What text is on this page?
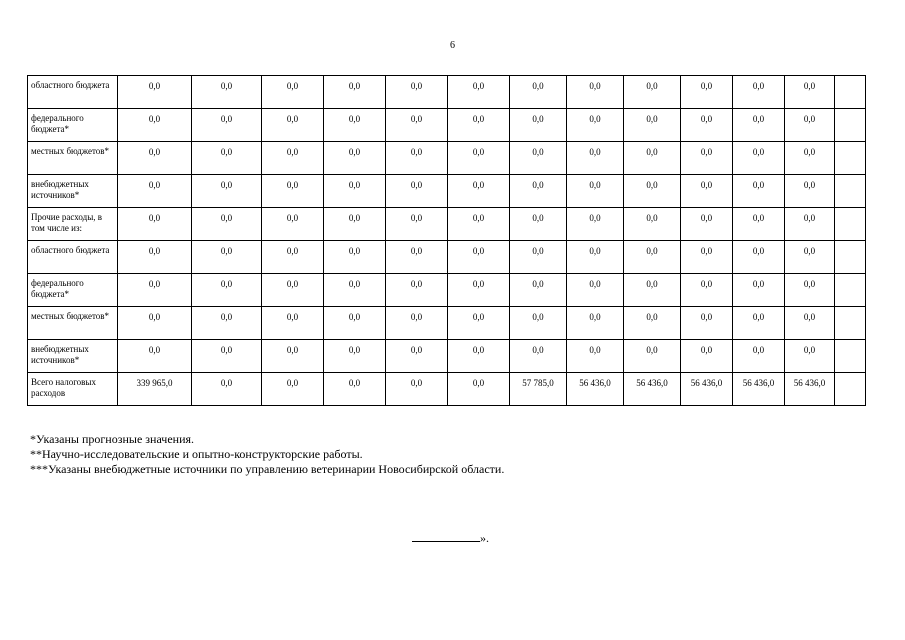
6
областного бюджета	0,0	0,0	0,0	0,0	0,0	0,0	0,0	0,0	0,0	0,0	0,0	0,0	
федерального бюджета*	0,0	0,0	0,0	0,0	0,0	0,0	0,0	0,0	0,0	0,0	0,0	0,0	
местных бюджетов*	0,0	0,0	0,0	0,0	0,0	0,0	0,0	0,0	0,0	0,0	0,0	0,0	
внебюджетных источников*	0,0	0,0	0,0	0,0	0,0	0,0	0,0	0,0	0,0	0,0	0,0	0,0	
Прочие расходы, в том числе из:	0,0	0,0	0,0	0,0	0,0	0,0	0,0	0,0	0,0	0,0	0,0	0,0	
областного бюджета	0,0	0,0	0,0	0,0	0,0	0,0	0,0	0,0	0,0	0,0	0,0	0,0	
федерального бюджета*	0,0	0,0	0,0	0,0	0,0	0,0	0,0	0,0	0,0	0,0	0,0	0,0	
местных бюджетов*	0,0	0,0	0,0	0,0	0,0	0,0	0,0	0,0	0,0	0,0	0,0	0,0	
внебюджетных источников*	0,0	0,0	0,0	0,0	0,0	0,0	0,0	0,0	0,0	0,0	0,0	0,0	
Всего налоговых расходов	339 965,0	0,0	0,0	0,0	0,0	0,0	57 785,0	56 436,0	56 436,0	56 436,0	56 436,0	56 436,0	
*Указаны прогнозные значения.
**Научно-исследовательские и опытно-конструкторские работы.
***Указаны внебюджетные источники по управлению ветеринарии Новосибирской области.
».
